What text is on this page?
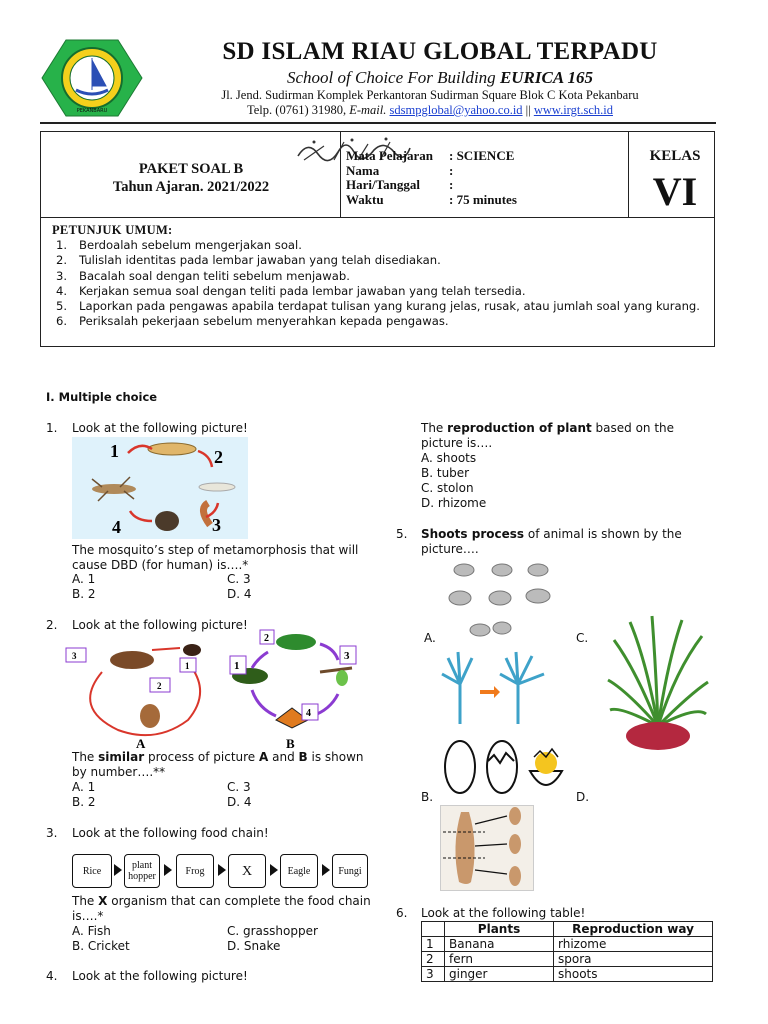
PEKANBARU
SD ISLAM RIAU GLOBAL TERPADU
School of Choice For Building EURICA 165
Jl. Jend. Sudirman Komplek Perkantoran Sudirman Square Blok C Kota Pekanbaru
Telp. (0761) 31980, E-mail. sdsmpglobal@yahoo.co.id || www.irgt.sch.id
PAKET SOAL B
Tahun Ajaran. 2021/2022
Mata Pelajaran : SCIENCE
Nama	:
Hari/Tanggal :
Waktu	: 75 minutes
KELAS
VI
PETUNJUK UMUM:
1.	Berdoalah sebelum mengerjakan soal.
2.	Tulislah identitas pada lembar jawaban yang telah disediakan.
3.	Bacalah soal dengan teliti sebelum menjawab.
4.	Kerjakan semua soal dengan teliti pada lembar jawaban yang telah tersedia.
5.	Laporkan pada pengawas apabila terdapat tulisan yang kurang jelas, rusak, atau jumlah soal yang kurang.
6.	Periksalah pekerjaan sebelum menyerahkan kepada pengawas.
I. Multiple choice
1. Look at the following picture!
1	2
3
4
The mosquito’s step of metamorphosis that will cause DBD (for human) is….*
A. 1	C. 3
B. 2	D. 4
2. Look at the following picture!
3
1
2
2
3
1
4
A	B
The similar process of picture A and B is shown by number….**
A. 1	C. 3
B. 2	D. 4
3. Look at the following food chain!
Rice	plant hopper	Frog	X	Eagle	Fungi
The X organism that can complete the food chain is….*
A. Fish	C. grasshopper
B. Cricket	D. Snake
4. Look at the following picture!
The reproduction of plant based on the picture is….
A. shoots
B. tuber
C. stolon
D. rhizome
5. Shoots process of animal is shown by the picture….
A.	C.
B.	D.
6. Look at the following table!
	Plants	Reproduction way
1	Banana	rhizome
2	fern	spora
3	ginger	shoots
